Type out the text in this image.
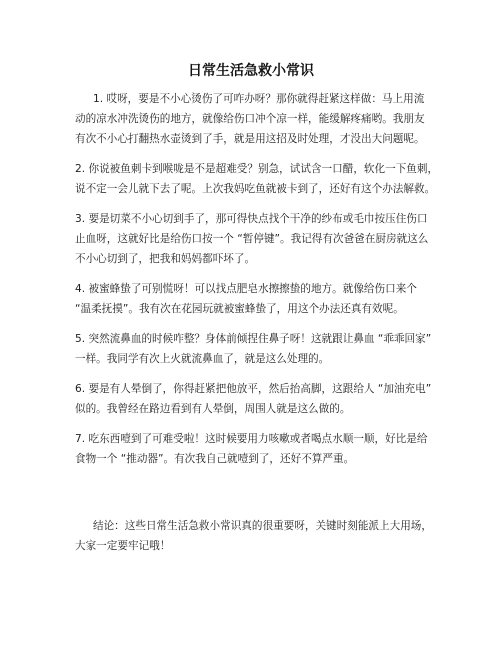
日常生活急救小常识
1. 哎呀，要是不小心烫伤了可咋办呀？那你就得赶紧这样做：马上用流
动的凉水冲洗烫伤的地方，就像给伤口冲个凉一样，能缓解疼痛哟。我朋友
有次不小心打翻热水壶烫到了手，就是用这招及时处理，才没出大问题呢。
2. 你说被鱼刺卡到喉咙是不是超难受？别急，试试含一口醋，软化一下鱼刺，
说不定一会儿就下去了呢。上次我妈吃鱼就被卡到了，还好有这个办法解救。
3. 要是切菜不小心切到手了，那可得快点找个干净的纱布或毛巾按压住伤口
止血呀，这就好比是给伤口按一个 “暂停键”。我记得有次爸爸在厨房就这么
不小心切到了，把我和妈妈都吓坏了。
4. 被蜜蜂蛰了可别慌呀！可以找点肥皂水擦擦蛰的地方。就像给伤口来个
“温柔抚摸”。我有次在花园玩就被蜜蜂蛰了，用这个办法还真有效呢。
5. 突然流鼻血的时候咋整？身体前倾捏住鼻子呀！这就跟让鼻血 “乖乖回家”
一样。我同学有次上火就流鼻血了，就是这么处理的。
6. 要是有人晕倒了，你得赶紧把他放平，然后抬高脚，这跟给人 “加油充电”
似的。我曾经在路边看到有人晕倒，周围人就是这么做的。
7. 吃东西噎到了可难受啦！这时候要用力咳嗽或者喝点水顺一顺，好比是给
食物一个 “推动器”。有次我自己就噎到了，还好不算严重。
结论：这些日常生活急救小常识真的很重要呀，关键时刻能派上大用场，
大家一定要牢记哦！
